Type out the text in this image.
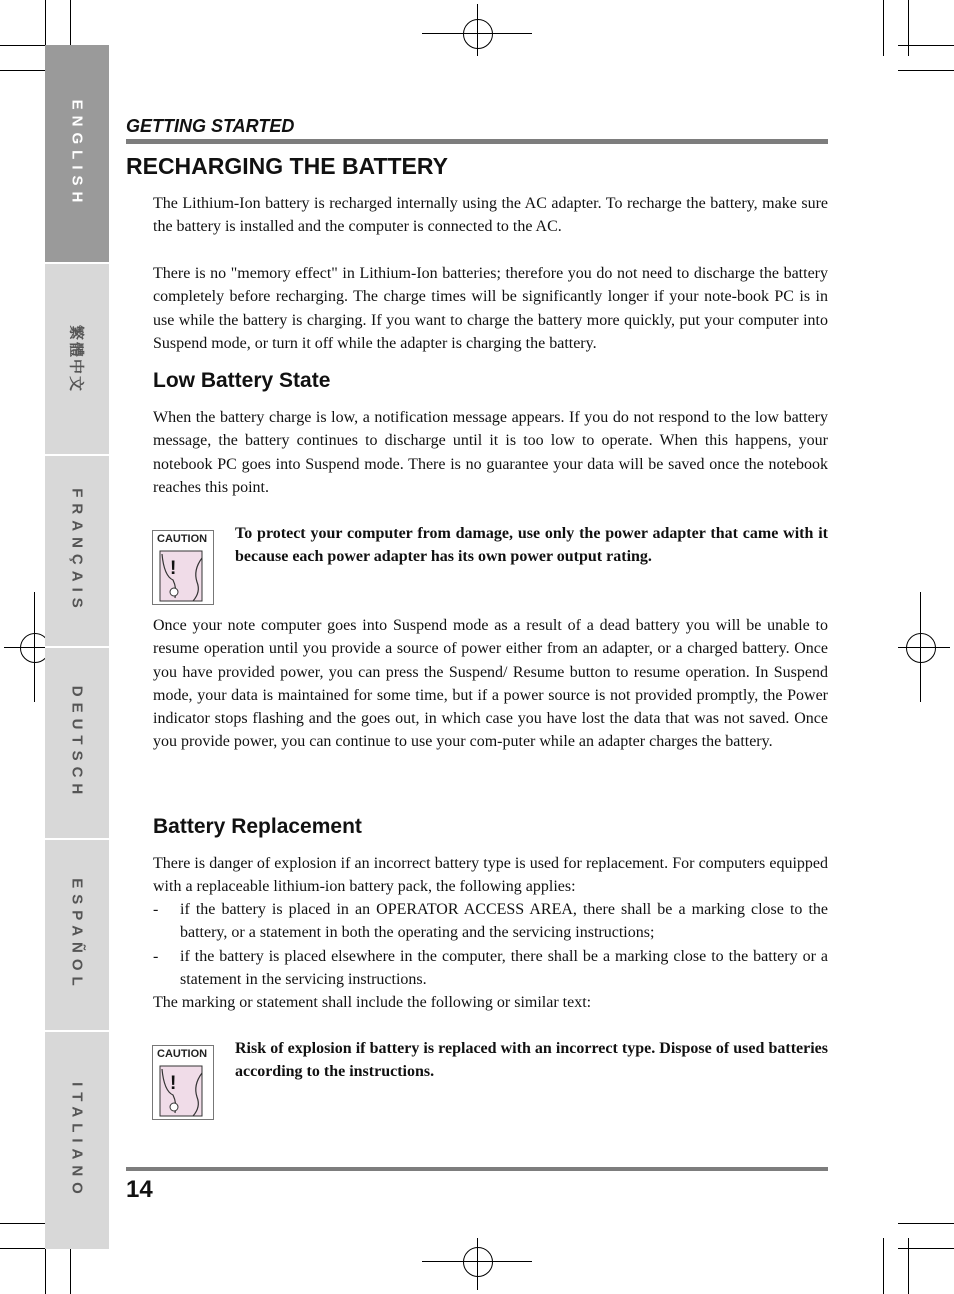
ENGLISH
繁體中文
FRANÇAIS
DEUTSCH
ESPAÑOL
ITALIANO
GETTING STARTED
RECHARGING THE BATTERY

The Lithium-Ion battery is recharged internally using the AC adapter. To recharge the battery, make sure the battery is installed and the computer is connected to the AC.

There is no "memory effect" in Lithium-Ion batteries; therefore you do not need to discharge the battery completely before recharging. The charge times will be significantly longer if your note-book PC is in use while the battery is charging. If you want to charge the battery more quickly, put your computer into Suspend mode, or turn it off while the adapter is charging the battery.

Low Battery State

When the battery charge is low, a notification message appears. If you do not respond to the low battery message, the battery continues to discharge until it is too low to operate. When this happens, your notebook PC goes into Suspend mode. There is no guarantee your data will be saved once the notebook reaches this point.

CAUTION
!

To protect your computer from damage, use only the power adapter that came with it because each power adapter has its own power output rating.

Once your note computer goes into Suspend mode as a result of a dead battery you will be unable to resume operation until you provide a source of power either from an adapter, or a charged battery. Once you have provided power, you can press the Suspend/ Resume button to resume operation. In Suspend mode, your data is maintained for some time, but if a power source is not provided promptly, the Power indicator stops flashing and the goes out, in which case you have lost the data that was not saved. Once you provide power, you can continue to use your com-puter while an adapter charges the battery.

Battery Replacement

There is danger of explosion if an incorrect battery type is used for replacement. For computers equipped with a replaceable lithium-ion battery pack, the following applies:

- if the battery is placed in an OPERATOR ACCESS AREA, there shall be a marking close to the battery, or a statement in both the operating and the servicing instructions;
- if the battery is placed elsewhere in the computer, there shall be a marking close to the battery or a statement in the servicing instructions.

The marking or statement shall include the following or similar text:

CAUTION
!

Risk of explosion if battery is replaced with an incorrect type. Dispose of used batteries according to the instructions.

14
